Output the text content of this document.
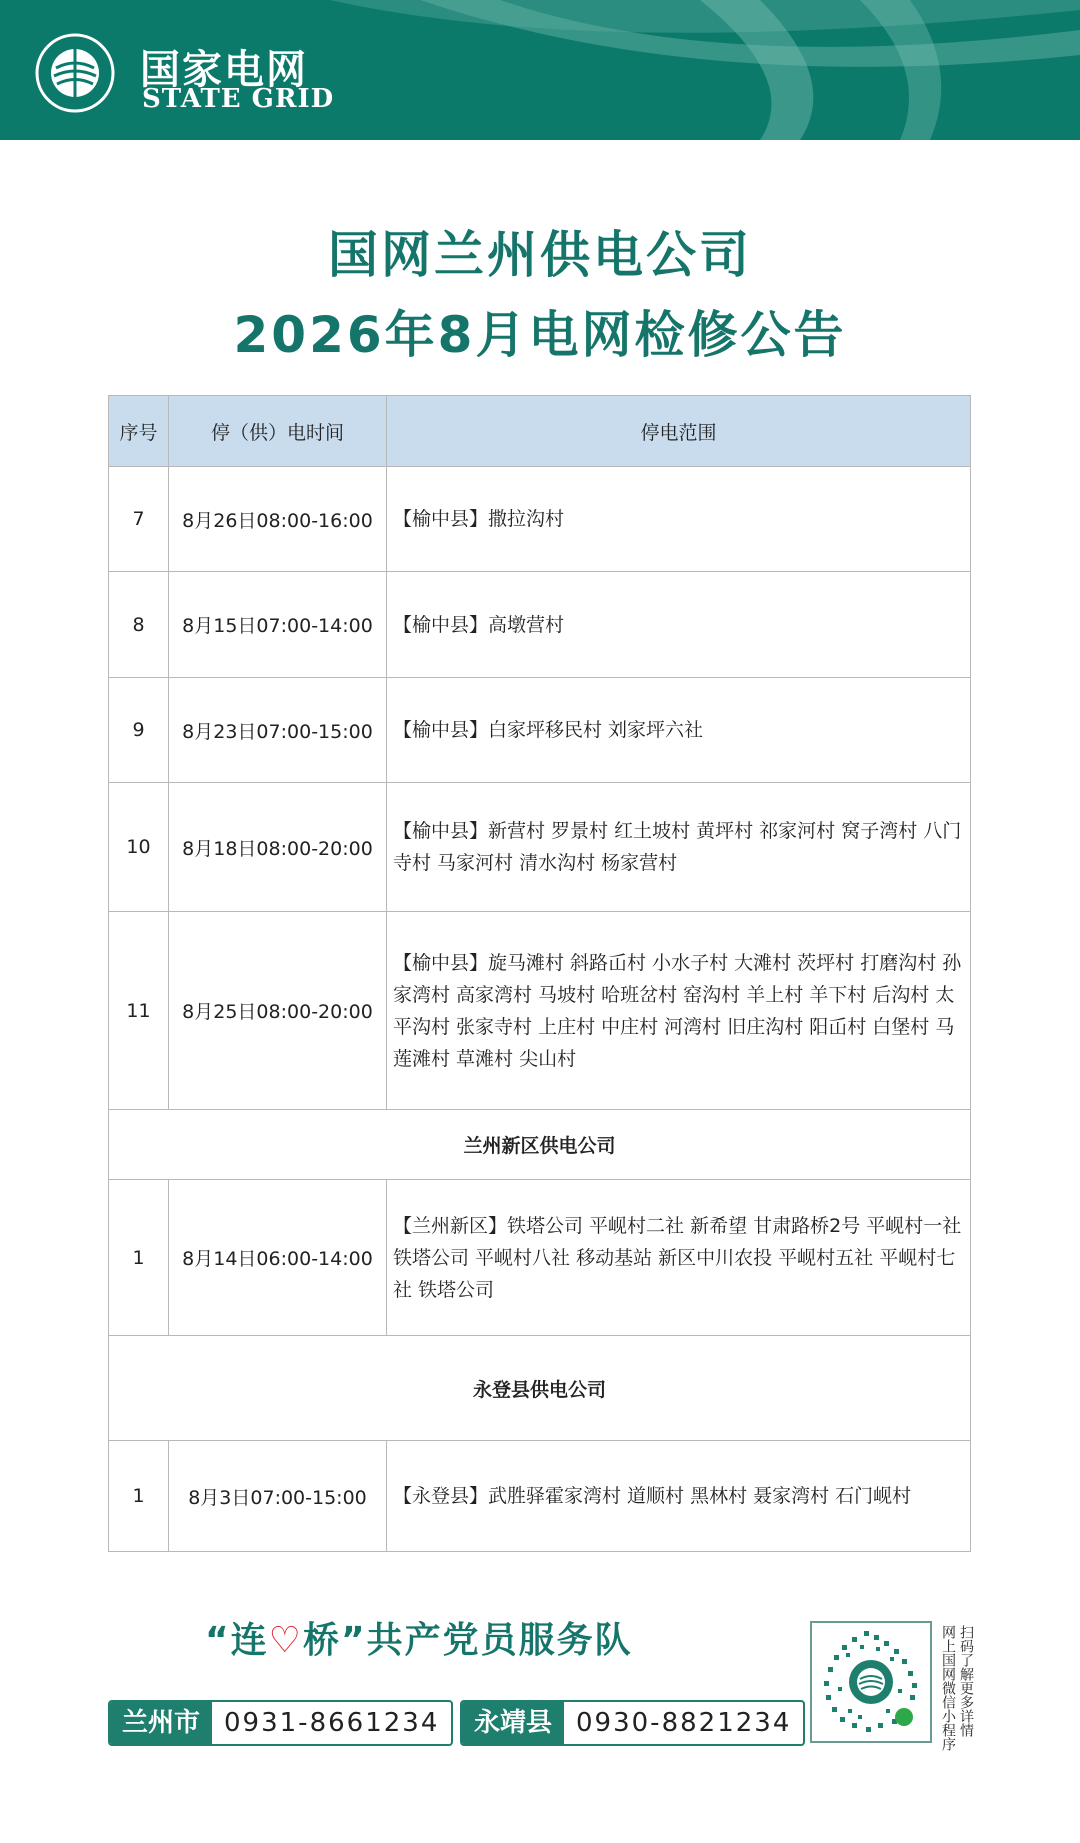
国家电网
STATE GRID
国网兰州供电公司
2026年8月电网检修公告
序号	停（供）电时间	停电范围
7	8月26日08:00-16:00	【榆中县】撒拉沟村
8	8月15日07:00-14:00	【榆中县】高墩营村
9	8月23日07:00-15:00	【榆中县】白家坪移民村 刘家坪六社
10	8月18日08:00-20:00	【榆中县】新营村 罗景村 红土坡村 黄坪村 祁家河村 窝子湾村 八门寺村 马家河村 清水沟村 杨家营村
11	8月25日08:00-20:00	【榆中县】旋马滩村 斜路屲村 小水子村 大滩村 茨坪村 打磨沟村 孙家湾村 高家湾村 马坡村 哈班岔村 窑沟村 羊上村 羊下村 后沟村 太平沟村 张家寺村 上庄村 中庄村 河湾村 旧庄沟村 阳屲村 白堡村 马莲滩村 草滩村 尖山村
兰州新区供电公司		
1	8月14日06:00-14:00	【兰州新区】铁塔公司 平岘村二社 新希望 甘肃路桥2号 平岘村一社 铁塔公司 平岘村八社 移动基站 新区中川农投 平岘村五社 平岘村七社 铁塔公司
永登县供电公司		
1	8月3日07:00-15:00	【永登县】武胜驿霍家湾村 道顺村 黑林村 聂家湾村 石门岘村
“连♡桥”共产党员服务队
兰州市 0931-8661234	永靖县 0930-8821234	扫码了解更多详情
网上国网微信小程序
